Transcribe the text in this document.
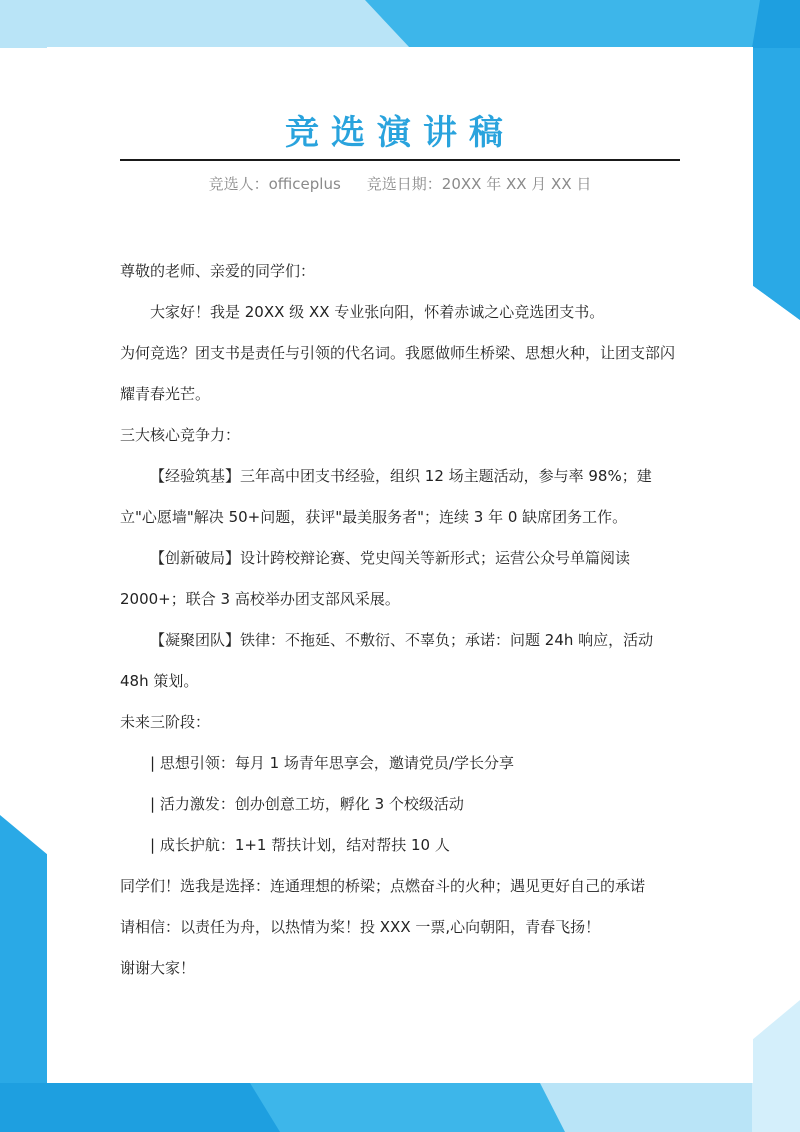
竞选演讲稿
竞选人：officeplus 竞选日期：20XX 年 XX 月 XX 日

尊敬的老师、亲爱的同学们：

大家好！我是 20XX 级 XX 专业张向阳，怀着赤诚之心竞选团支书。

为何竞选？团支书是责任与引领的代名词。我愿做师生桥梁、思想火种，让团支部闪耀青春光芒。

三大核心竞争力：

【经验筑基】三年高中团支书经验，组织 12 场主题活动，参与率 98%；建立"心愿墙"解决 50+问题，获评"最美服务者"；连续 3 年 0 缺席团务工作。

【创新破局】设计跨校辩论赛、党史闯关等新形式；运营公众号单篇阅读 2000+；联合 3 高校举办团支部风采展。

【凝聚团队】铁律：不拖延、不敷衍、不辜负；承诺：问题 24h 响应，活动 48h 策划。

未来三阶段：

| 思想引领：每月 1 场青年思享会，邀请党员/学长分享

| 活力激发：创办创意工坊，孵化 3 个校级活动

| 成长护航：1+1 帮扶计划，结对帮扶 10 人

同学们！选我是选择：连通理想的桥梁；点燃奋斗的火种；遇见更好自己的承诺

请相信：以责任为舟，以热情为桨！投 XXX 一票,心向朝阳，青春飞扬！

谢谢大家！
